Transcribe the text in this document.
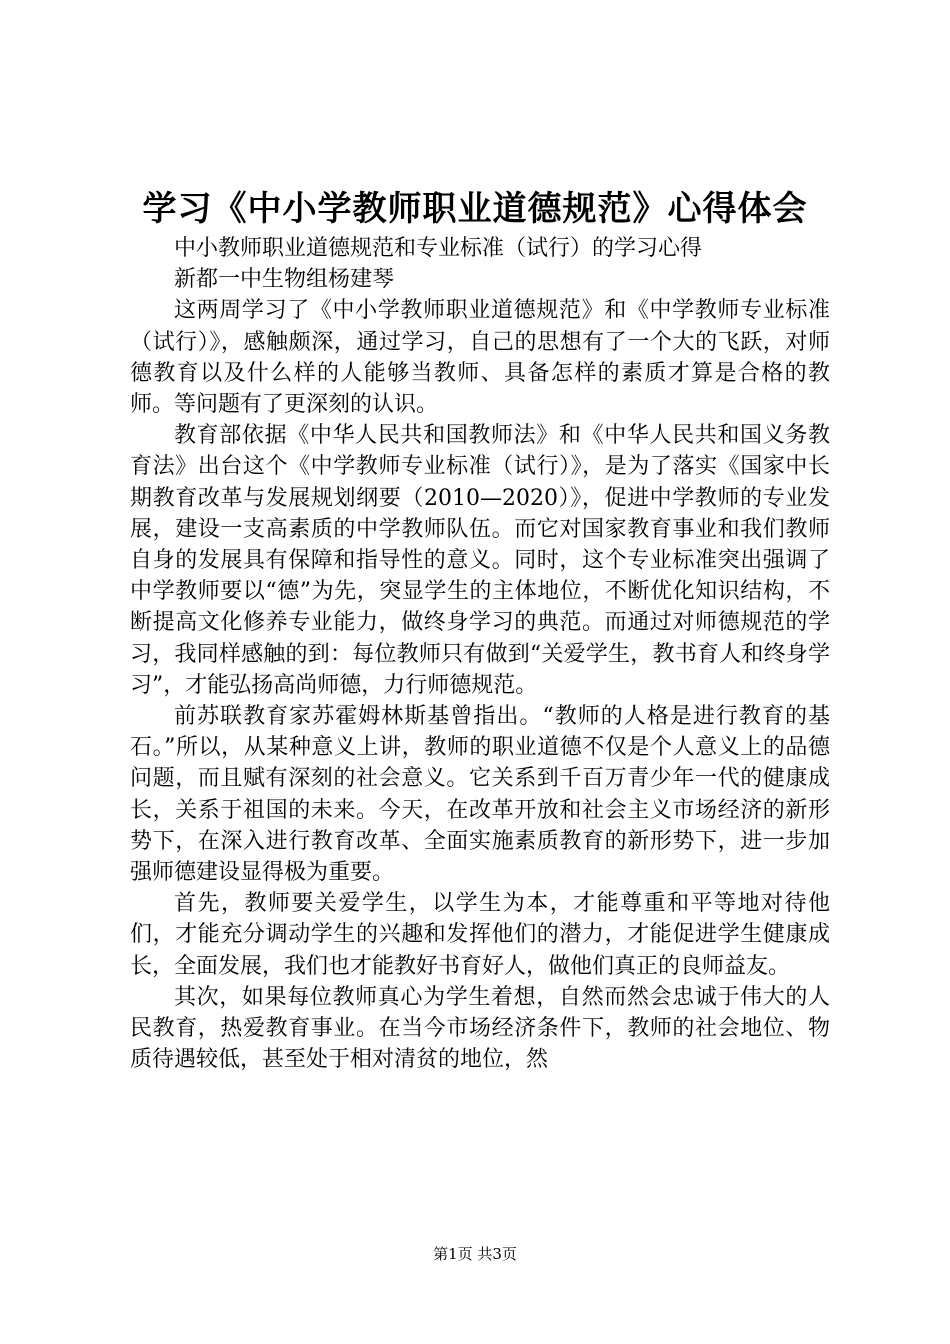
学习《中小学教师职业道德规范》心得体会

中小教师职业道德规范和专业标准（试行）的学习心得

新都一中生物组杨建琴

这两周学习了《中小学教师职业道德规范》和《中学教师专业标准（试行）》，感触颇深，通过学习，自己的思想有了一个大的飞跃，对师德教育以及什么样的人能够当教师、具备怎样的素质才算是合格的教师。等问题有了更深刻的认识。

教育部依据《中华人民共和国教师法》和《中华人民共和国义务教育法》出台这个《中学教师专业标准（试行）》，是为了落实《国家中长期教育改革与发展规划纲要（2010—2020）》，促进中学教师的专业发展，建设一支高素质的中学教师队伍。而它对国家教育事业和我们教师自身的发展具有保障和指导性的意义。同时，这个专业标准突出强调了中学教师要以“德”为先，突显学生的主体地位，不断优化知识结构，不断提高文化修养专业能力，做终身学习的典范。而通过对师德规范的学习，我同样感触的到：每位教师只有做到“关爱学生，教书育人和终身学习”，才能弘扬高尚师德，力行师德规范。

前苏联教育家苏霍姆林斯基曾指出。“教师的人格是进行教育的基石。”所以，从某种意义上讲，教师的职业道德不仅是个人意义上的品德问题，而且赋有深刻的社会意义。它关系到千百万青少年一代的健康成长，关系于祖国的未来。今天，在改革开放和社会主义市场经济的新形势下，在深入进行教育改革、全面实施素质教育的新形势下，进一步加强师德建设显得极为重要。

首先，教师要关爱学生，以学生为本，才能尊重和平等地对待他们，才能充分调动学生的兴趣和发挥他们的潜力，才能促进学生健康成长，全面发展，我们也才能教好书育好人，做他们真正的良师益友。

其次，如果每位教师真心为学生着想，自然而然会忠诚于伟大的人民教育，热爱教育事业。在当今市场经济条件下，教师的社会地位、物质待遇较低，甚至处于相对清贫的地位，然

第1页 共3页
